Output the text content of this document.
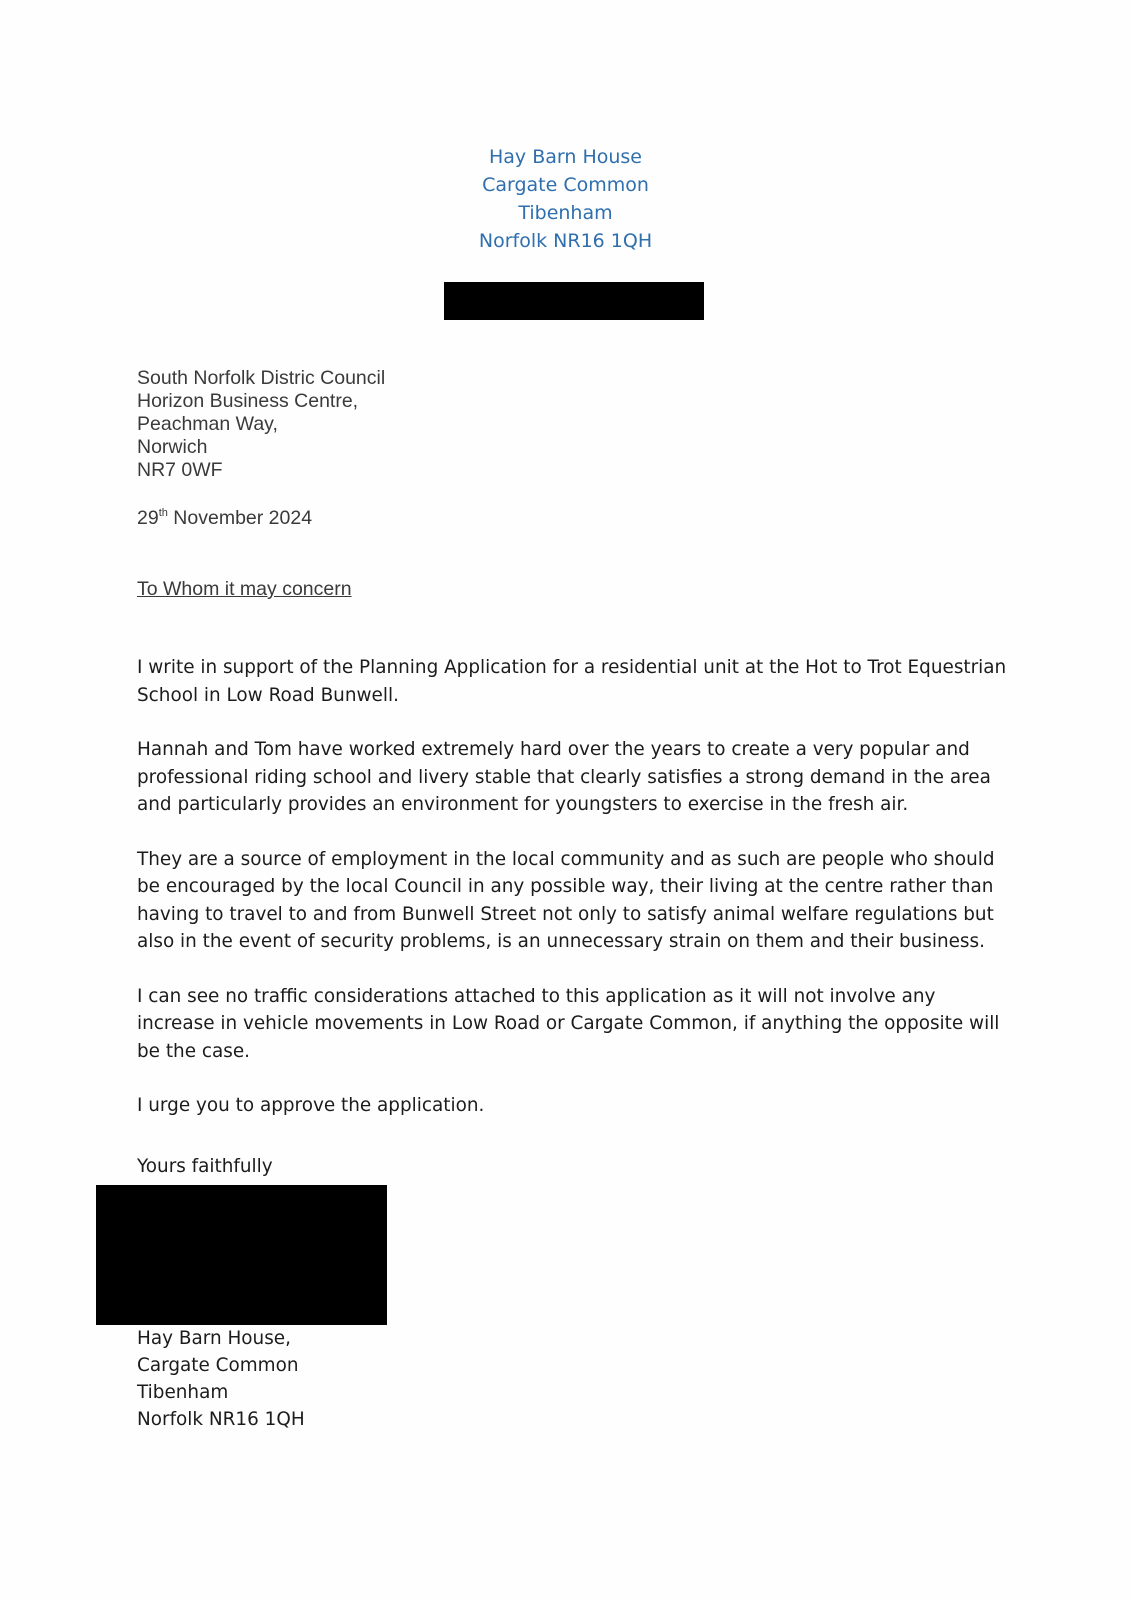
Hay Barn House
Cargate Common
Tibenham
Norfolk NR16 1QH
South Norfolk Distric Council
Horizon Business Centre,
Peachman Way,
Norwich
NR7 0WF
29th November 2024
To Whom it may concern

I write in support of the Planning Application for a residential unit at the Hot to Trot Equestrian School in Low Road Bunwell.

Hannah and Tom have worked extremely hard over the years to create a very popular and professional riding school and livery stable that clearly satisfies a strong demand in the area and particularly provides an environment for youngsters to exercise in the fresh air.

They are a source of employment in the local community and as such are people who should be encouraged by the local Council in any possible way, their living at the centre rather than having to travel to and from Bunwell Street not only to satisfy animal welfare regulations but also in the event of security problems, is an unnecessary strain on them and their business.

I can see no traffic considerations attached to this application as it will not involve any increase in vehicle movements in Low Road or Cargate Common, if anything the opposite will be the case.

I urge you to approve the application.

Yours faithfully
Hay Barn House,
Cargate Common
Tibenham
Norfolk NR16 1QH
